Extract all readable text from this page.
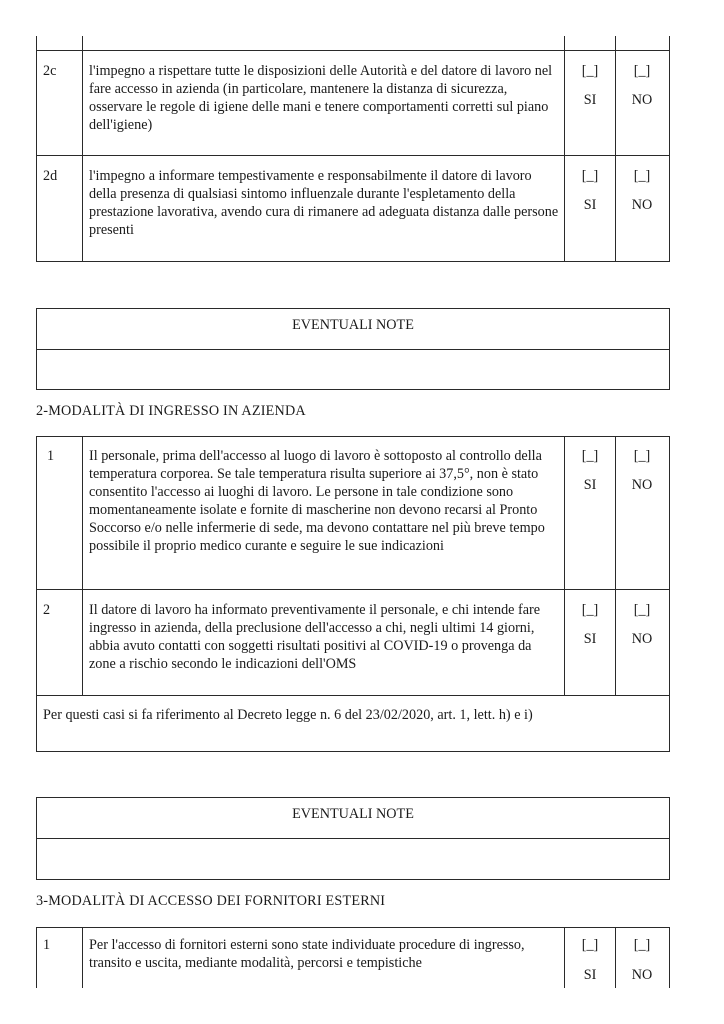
2c l'impegno a rispettare tutte le disposizioni delle Autorità e del datore di lavoro nel fare accesso in azienda (in particolare, mantenere la distanza di sicurezza, osservare le regole di igiene delle mani e tenere comportamenti corretti sul piano dell'igiene)
[_]
SI
[_]
NO
2d l'impegno a informare tempestivamente e responsabilmente il datore di lavoro della presenza di qualsiasi sintomo influenzale durante l'espletamento della prestazione lavorativa, avendo cura di rimanere ad adeguata distanza dalle persone presenti
[_]
SI
[_]
NO
EVENTUALI NOTE
2-MODALITÀ DI INGRESSO IN AZIENDA
1 Il personale, prima dell'accesso al luogo di lavoro è sottoposto al controllo della temperatura corporea. Se tale temperatura risulta superiore ai 37,5°, non è stato consentito l'accesso ai luoghi di lavoro. Le persone in tale condizione sono momentaneamente isolate e fornite di mascherine non devono recarsi al Pronto Soccorso e/o nelle infermerie di sede, ma devono contattare nel più breve tempo possibile il proprio medico curante e seguire le sue indicazioni
[_]
SI
[_]
NO
2	Il datore di lavoro ha informato preventivamente il personale, e chi intende fare ingresso in azienda, della preclusione dell'accesso a chi, negli ultimi 14 giorni, abbia avuto contatti con soggetti risultati positivi al COVID-19 o provenga da zone a rischio secondo le indicazioni dell'OMS
[_]
SI
[_]
NO
Per questi casi si fa riferimento al Decreto legge n. 6 del 23/02/2020, art. 1, lett. h) e i)
EVENTUALI NOTE
3-MODALITÀ DI ACCESSO DEI FORNITORI ESTERNI
1	Per l'accesso di fornitori esterni sono state individuate procedure di ingresso, transito e uscita, mediante modalità, percorsi e tempistiche
[_]
SI
[_]
NO
